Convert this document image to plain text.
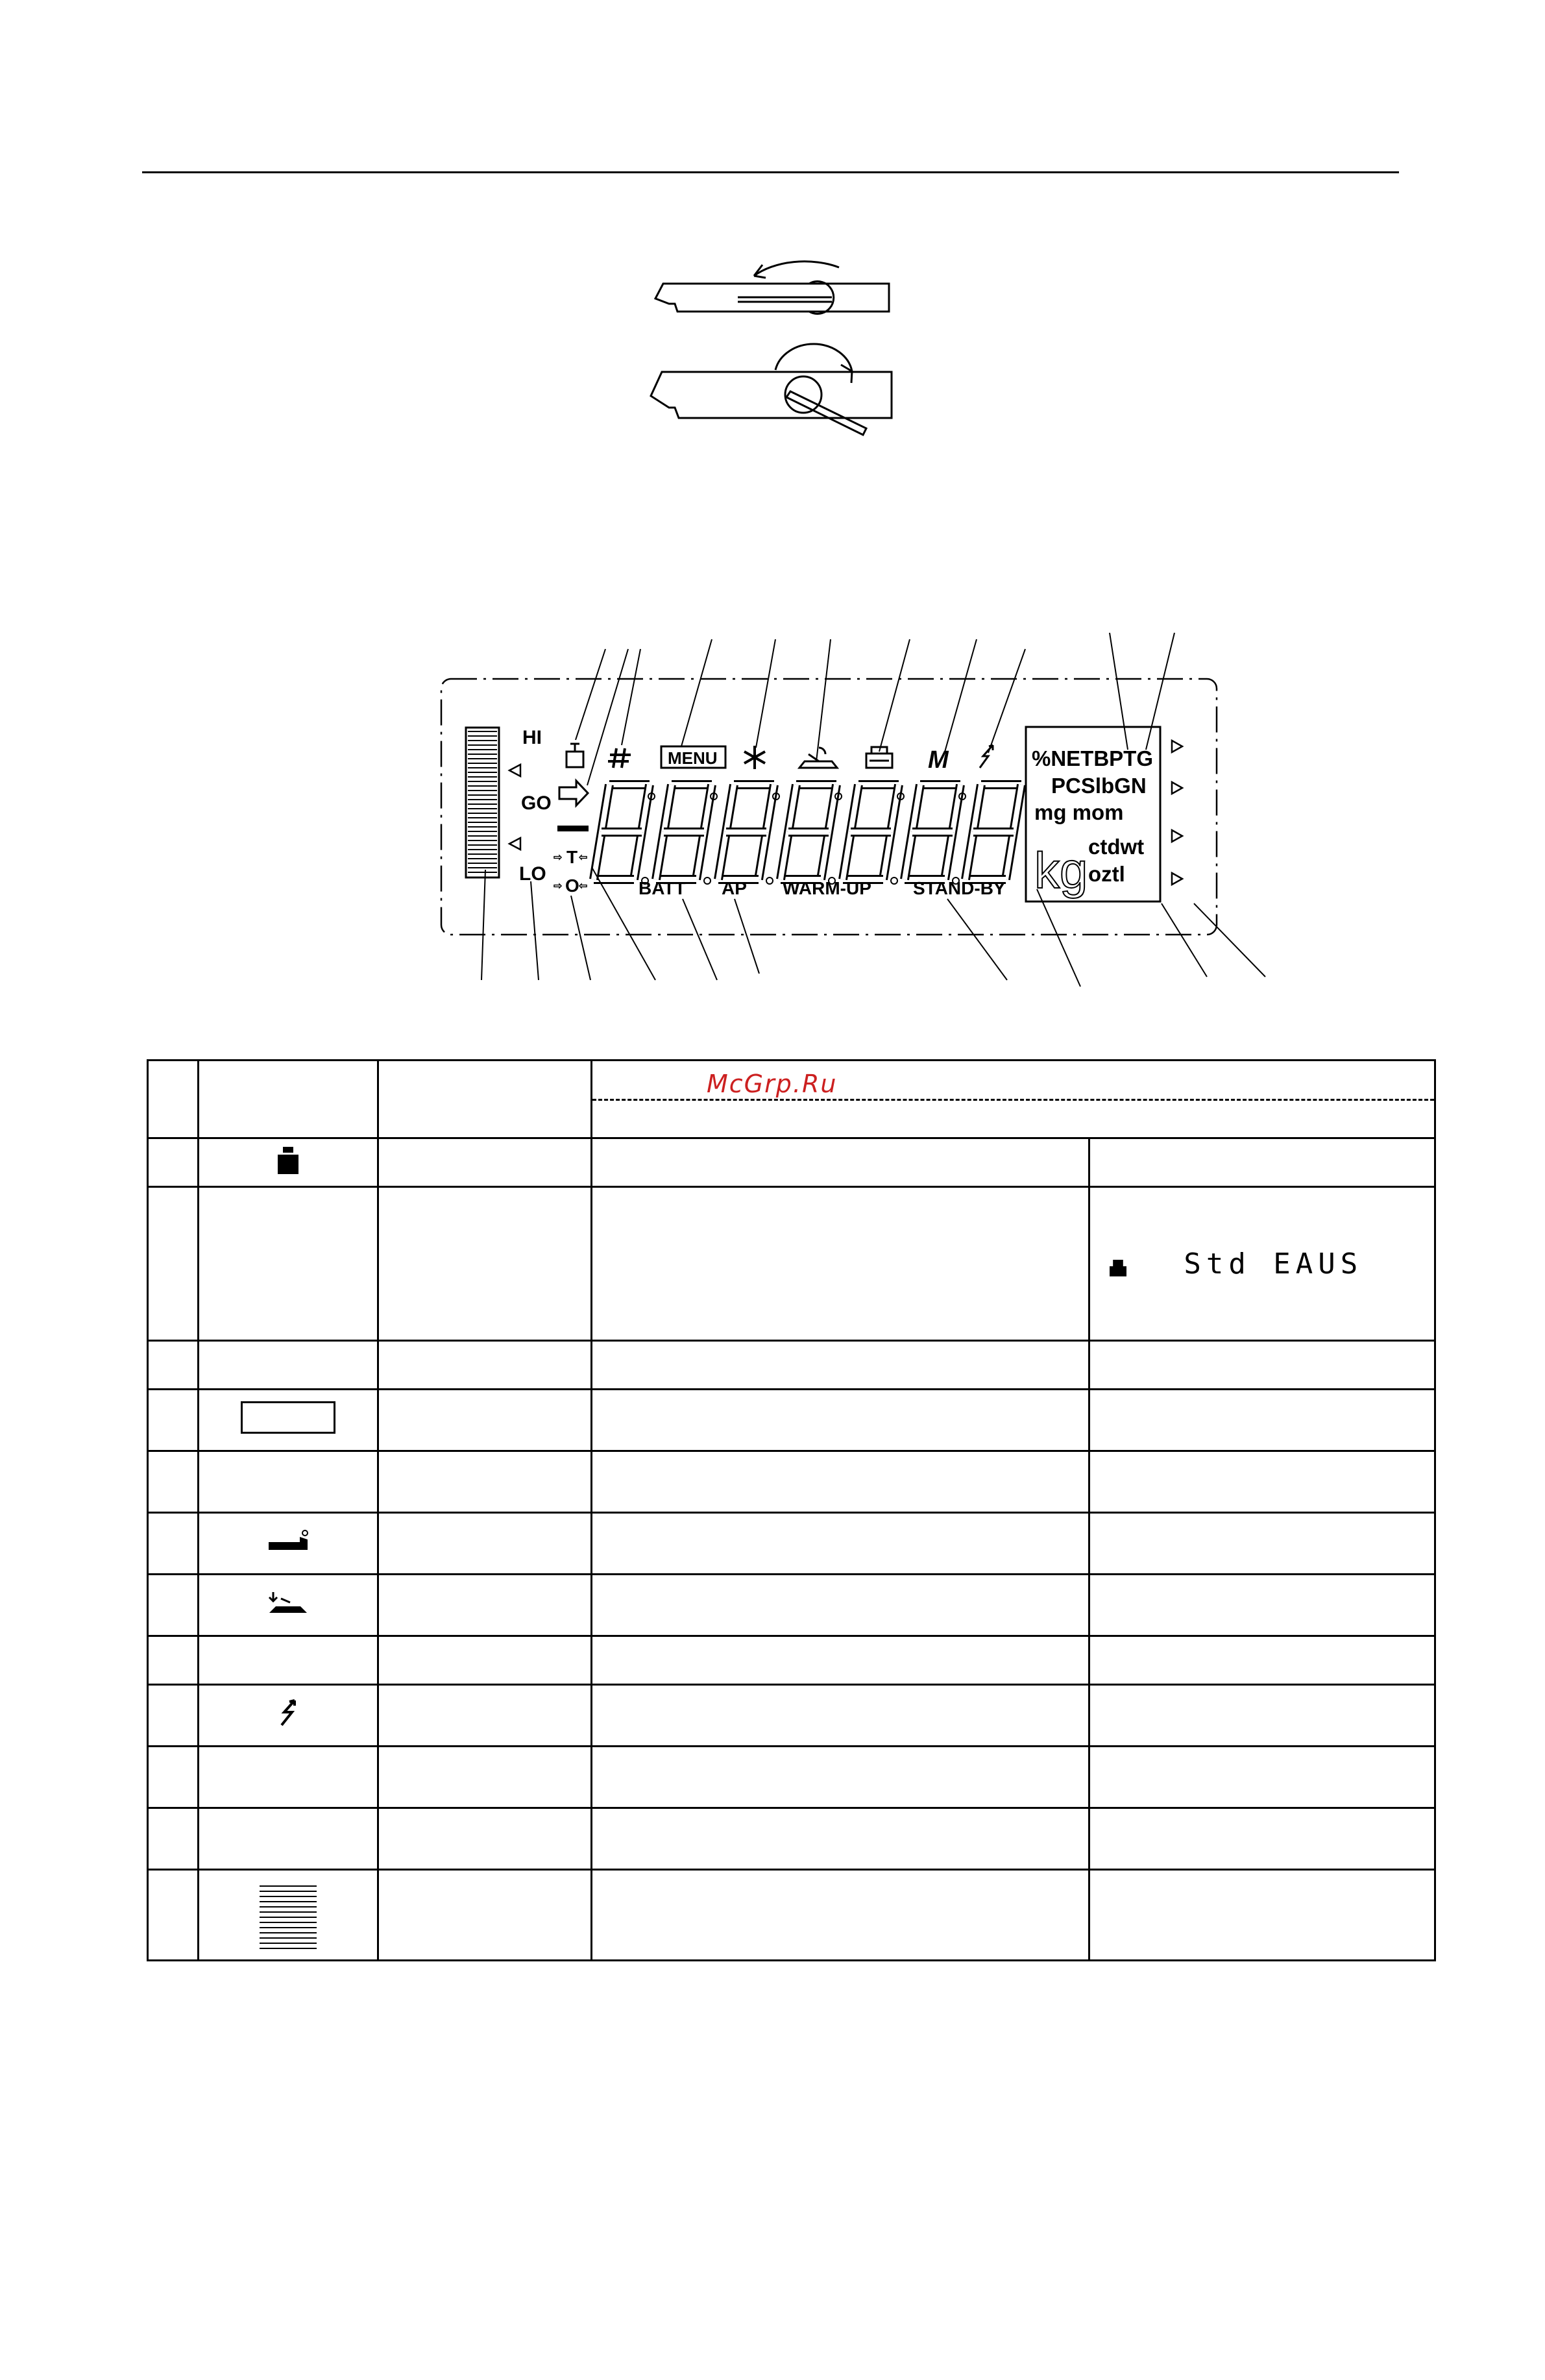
HI
GO
LO
MENU	M
⇨ T ⇦
⇨ O ⇦	BATT AP WARM-UP STAND-BY
%NETBPTG
PCSlbGN
mg mom
ctdwt
oztl
kg
McGrp.Ru

				Std EAUS
